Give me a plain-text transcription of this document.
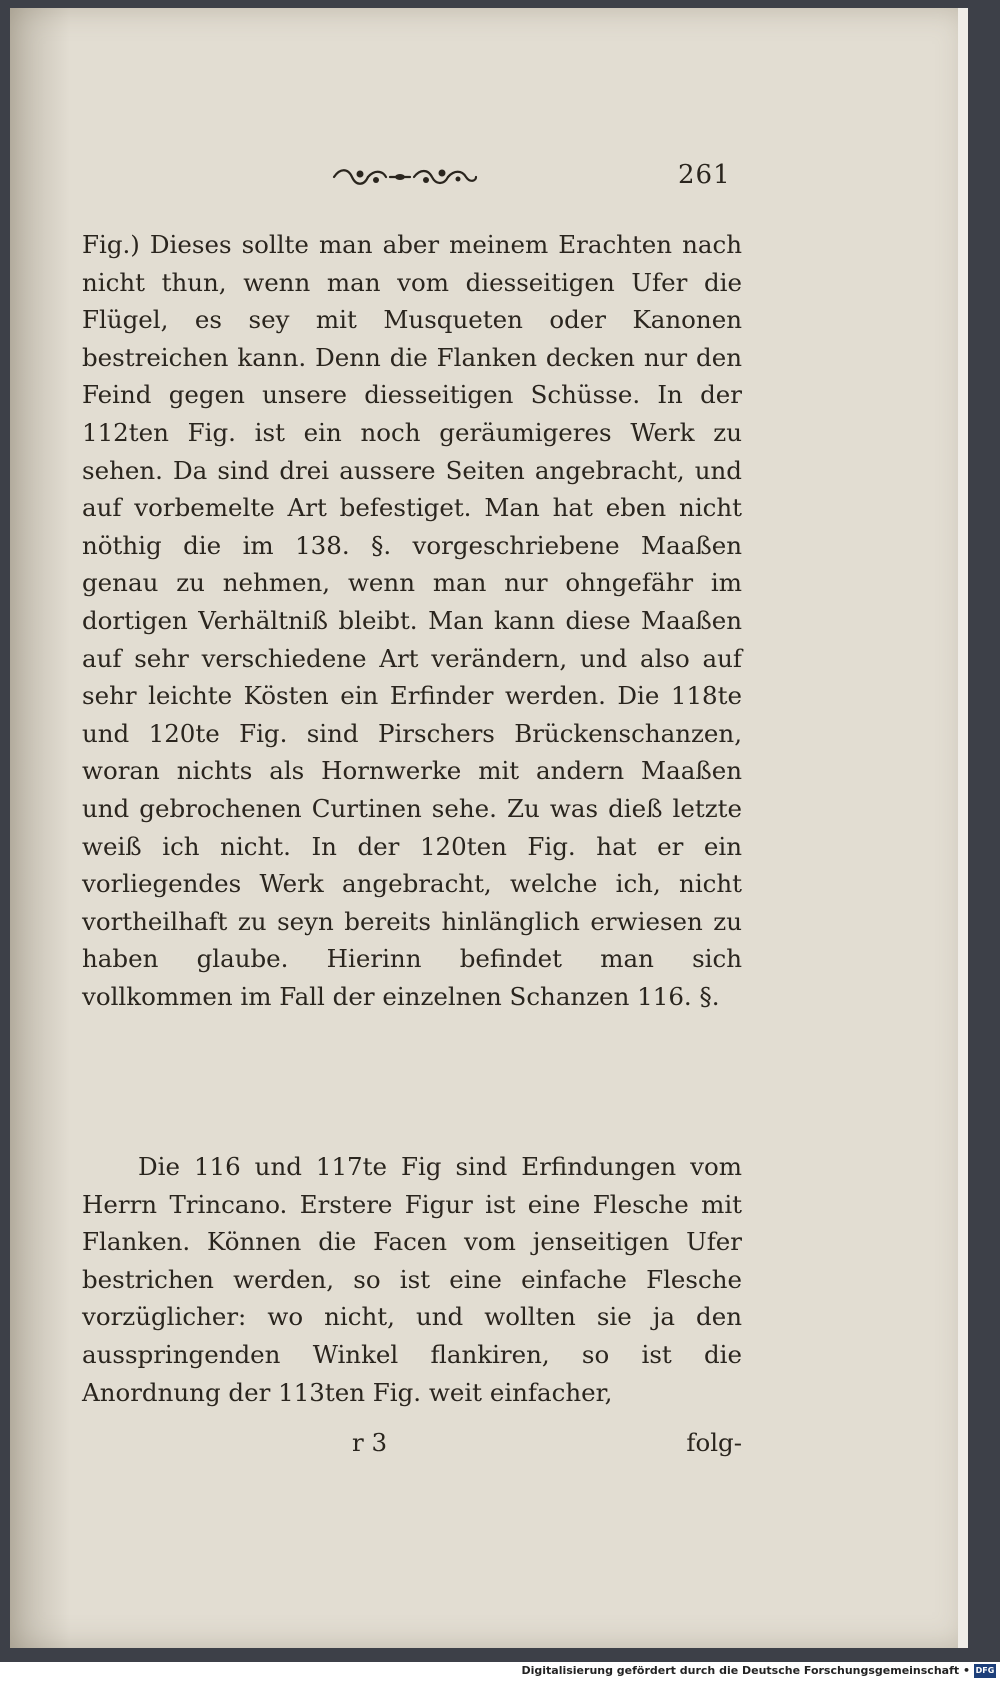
261

Fig.) Dieses sollte man aber meinem Erachten nach nicht thun, wenn man vom diesseitigen Ufer die Flügel, es sey mit Musqueten oder Kanonen bestreichen kann. Denn die Flanken decken nur den Feind gegen unsere diesseitigen Schüsse. In der 112ten Fig. ist ein noch geräumigeres Werk zu sehen. Da sind drei aussere Seiten angebracht, und auf vorbemelte Art befestiget. Man hat eben nicht nöthig die im 138. §. vorgeschriebene Maaßen genau zu nehmen, wenn man nur ohngefähr im dortigen Verhältniß bleibt. Man kann diese Maaßen auf sehr verschiedene Art verändern, und also auf sehr leichte Kösten ein Erfinder werden. Die 118te und 120te Fig. sind Pirschers Brückenschanzen, woran nichts als Hornwerke mit andern Maaßen und gebrochenen Curtinen sehe. Zu was dieß letzte weiß ich nicht. In der 120ten Fig. hat er ein vorliegendes Werk angebracht, welche ich, nicht vortheilhaft zu seyn bereits hinlänglich erwiesen zu haben glaube. Hierinn befindet man sich vollkommen im Fall der einzelnen Schanzen 116. §.

Die 116 und 117te Fig sind Erfindungen vom Herrn Trincano. Erstere Figur ist eine Flesche mit Flanken. Können die Facen vom jenseitigen Ufer bestrichen werden, so ist eine einfache Flesche vorzüglicher: wo nicht, und wollten sie ja den ausspringenden Winkel flankiren, so ist die Anordnung der 113ten Fig. weit einfacher,

r 3	folg-
Digitalisierung gefördert durch die Deutsche Forschungsgemeinschaft • DFG
